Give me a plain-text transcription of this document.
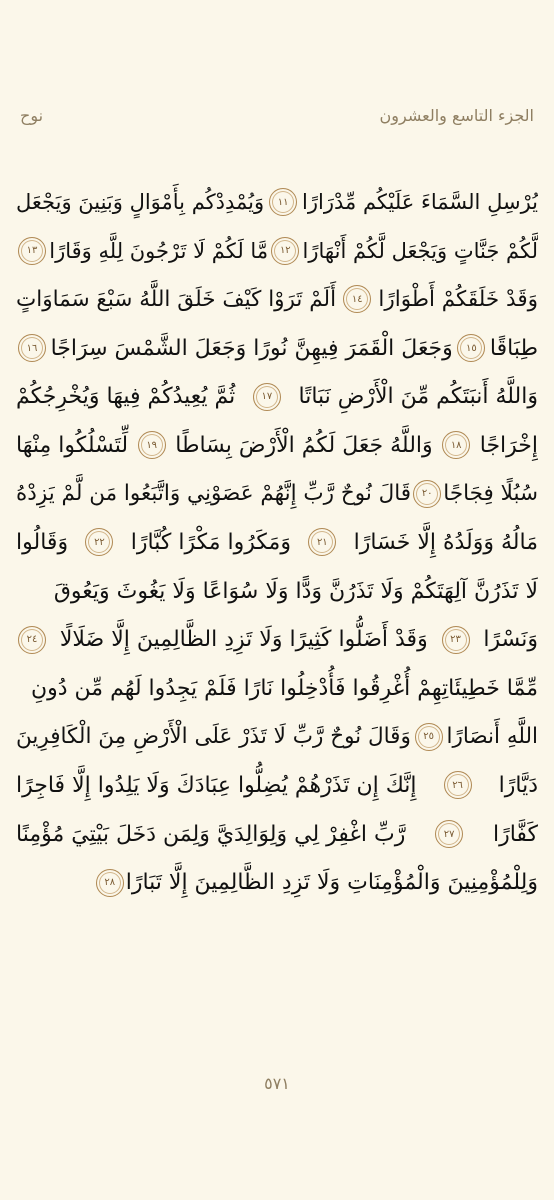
الجزء التاسع والعشرون
نوح
يُرْسِلِ السَّمَاءَ عَلَيْكُم مِّدْرَارًا
١١
وَيُمْدِدْكُم بِأَمْوَالٍ وَبَنِينَ وَيَجْعَل
لَّكُمْ جَنَّاتٍ وَيَجْعَل لَّكُمْ أَنْهَارًا
١٢
مَّا لَكُمْ لَا تَرْجُونَ لِلَّهِ وَقَارًا
١٣
وَقَدْ خَلَقَكُمْ أَطْوَارًا
١٤
أَلَمْ تَرَوْا كَيْفَ خَلَقَ اللَّهُ سَبْعَ سَمَاوَاتٍ
طِبَاقًا
١٥
وَجَعَلَ الْقَمَرَ فِيهِنَّ نُورًا وَجَعَلَ الشَّمْسَ سِرَاجًا
١٦
وَاللَّهُ أَنبَتَكُم مِّنَ الْأَرْضِ نَبَاتًا
١٧
ثُمَّ يُعِيدُكُمْ فِيهَا وَيُخْرِجُكُمْ
إِخْرَاجًا
١٨
وَاللَّهُ جَعَلَ لَكُمُ الْأَرْضَ بِسَاطًا
١٩
لِّتَسْلُكُوا مِنْهَا
سُبُلًا فِجَاجًا
٢٠
قَالَ نُوحٌ رَّبِّ إِنَّهُمْ عَصَوْنِي وَاتَّبَعُوا مَن لَّمْ يَزِدْهُ
مَالُهُ وَوَلَدُهُ إِلَّا خَسَارًا
٢١
وَمَكَرُوا مَكْرًا كُبَّارًا
٢٢
وَقَالُوا
لَا تَذَرُنَّ آلِهَتَكُمْ وَلَا تَذَرُنَّ وَدًّا وَلَا سُوَاعًا وَلَا يَغُوثَ وَيَعُوقَ
وَنَسْرًا
٢٣
وَقَدْ أَضَلُّوا كَثِيرًا وَلَا تَزِدِ الظَّالِمِينَ إِلَّا ضَلَالًا
٢٤
مِّمَّا خَطِيئَاتِهِمْ أُغْرِقُوا فَأُدْخِلُوا نَارًا فَلَمْ يَجِدُوا لَهُم مِّن دُونِ
اللَّهِ أَنصَارًا
٢٥
وَقَالَ نُوحٌ رَّبِّ لَا تَذَرْ عَلَى الْأَرْضِ مِنَ الْكَافِرِينَ
دَيَّارًا
٢٦
إِنَّكَ إِن تَذَرْهُمْ يُضِلُّوا عِبَادَكَ وَلَا يَلِدُوا إِلَّا فَاجِرًا
كَفَّارًا
٢٧
رَّبِّ اغْفِرْ لِي وَلِوَالِدَيَّ وَلِمَن دَخَلَ بَيْتِيَ مُؤْمِنًا
وَلِلْمُؤْمِنِينَ وَالْمُؤْمِنَاتِ وَلَا تَزِدِ الظَّالِمِينَ إِلَّا تَبَارًا
٢٨
٥٧١
